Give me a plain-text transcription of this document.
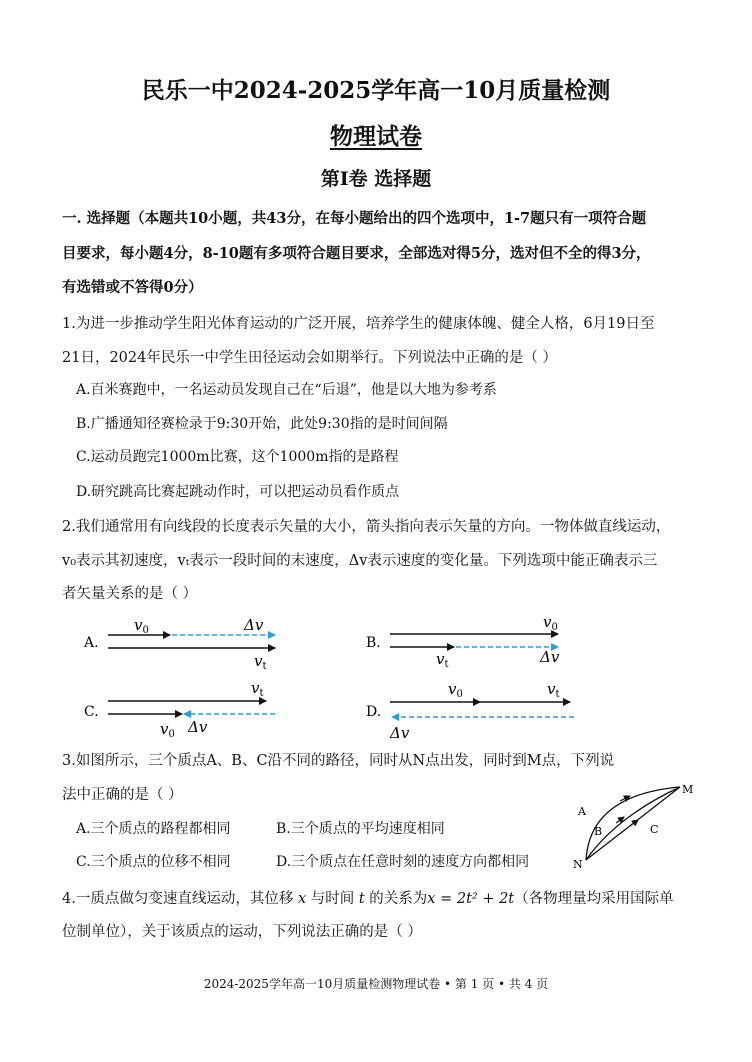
民乐一中2024-2025学年高一10月质量检测
物理试卷
第I卷 选择题
一. 选择题（本题共10小题，共43分，在每小题给出的四个选项中，1-7题只有一项符合题
目要求，每小题4分，8-10题有多项符合题目要求，全部选对得5分，选对但不全的得3分，
有选错或不答得0分）
1.为进一步推动学生阳光体育运动的广泛开展，培养学生的健康体魄、健全人格，6月19日至
21日，2024年民乐一中学生田径运动会如期举行。下列说法中正确的是（ ）
A.百米赛跑中，一名运动员发现自己在“后退”，他是以大地为参考系
B.广播通知径赛检录于9:30开始，此处9:30指的是时间间隔
C.运动员跑完1000m比赛，这个1000m指的是路程
D.研究跳高比赛起跳动作时，可以把运动员看作质点
2.我们通常用有向线段的长度表示矢量的大小，箭头指向表示矢量的方向。一物体做直线运动，
v₀表示其初速度，vₜ表示一段时间的末速度，Δv表示速度的变化量。下列选项中能正确表示三
者矢量关系的是（ ）
A.
$v_0$	Δv
$v_t$
B.
$v_0$
$v_t$	Δv
C.
$v_t$
$v_0$ Δv
D.
$v_0$	$v_t$
Δv
3.如图所示，三个质点A、B、C沿不同的路径，同时从N点出发，同时到M点，下列说
法中正确的是（ ）
A.三个质点的路程都相同	B.三个质点的平均速度相同
C.三个质点的位移不相同	D.三个质点在任意时刻的速度方向都相同
M
N
A
B	C
4.一质点做匀变速直线运动，其位移 x 与时间 t 的关系为x = 2t² + 2t（各物理量均采用国际单
位制单位），关于该质点的运动，下列说法正确的是（ ）
2024-2025学年高一10月质量检测物理试卷 • 第 1 页 • 共 4 页
